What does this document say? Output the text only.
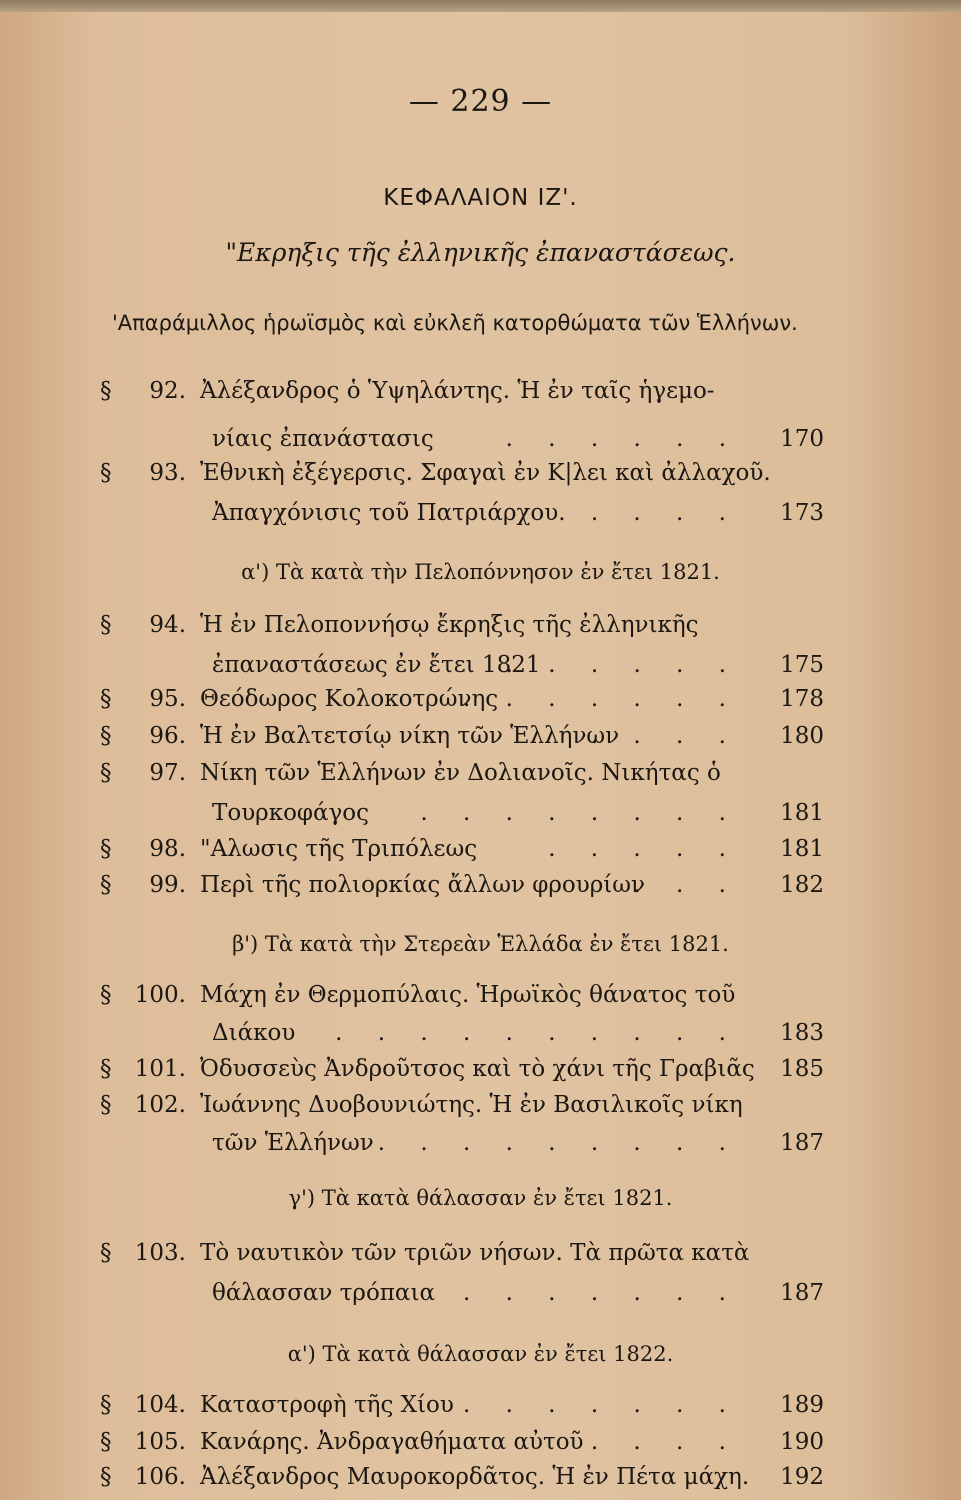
— 229 —
ΚΕΦΑΛΑΙΟΝ ΙΖ'.
"Εκρηξις τῆς ἐλληνικῆς ἐπαναστάσεως.
'Απαράμιλλος ἡρωϊσμὸς καὶ εὐκλεῆ κατορθώματα τῶν Ἑλλήνων.
§ 92. Ἀλέξανδρος ὁ Ὑψηλάντης. Ἡ ἐν ταῖς ἡγεμο-
νίαις ἐπανάστασις	. . . . . . 170
§ 93. Ἐθνικὴ ἐξέγερσις. Σφαγαὶ ἐν Κ|λει καὶ ἀλλαχοῦ.
Ἀπαγχόνισις τοῦ Πατριάρχου. . . . . 173
α') Τὰ κατὰ τὴν Πελοπόννησον ἐν ἔτει 1821.
§ 94. Ἡ ἐν Πελοποννήσῳ ἔκρηξις τῆς ἐλληνικῆς
ἐπαναστάσεως ἐν ἔτει 1821
. . . . . . 175
§ 95. Θεόδωρος Κολοκοτρώνης
. . . . . . . 178
§ 96. Ἡ ἐν Βαλτετσίῳ νίκη τῶν Ἑλλήνων
. . . . 180
§ 97. Νίκη τῶν Ἑλλήνων ἐν Δολιανοῖς. Νικήτας ὁ
Τουρκοφάγος . . . . . . . . 181
§ 98. "Αλωσις τῆς Τριπόλεως	. . . . . 181
§ 99. Περὶ τῆς πολιορκίας ἄλλων φρουρίων
. . . 182
β') Τὰ κατὰ τὴν Στερεὰν Ἑλλάδα ἐν ἔτει 1821.
§ 100. Μάχη ἐν Θερμοπύλαις. Ἡρωϊκὸς θάνατος τοῦ
Διάκου . . . . . . . . . . 183
§ 101. Ὀδυσσεὺς Ἀνδροῦτσος καὶ τὸ χάνι τῆς Γραβιᾶς 185
§ 102. Ἰωάννης Δυοβουνιώτης. Ἡ ἐν Βασιλικοῖς νίκη
τῶν Ἑλλήνων . . . . . . . . . 187
γ') Τὰ κατὰ θάλασσαν ἐν ἔτει 1821.
§ 103. Τὸ ναυτικὸν τῶν τριῶν νήσων. Τὰ πρῶτα κατὰ
θάλασσαν τρόπαια . . . . . . . 187
α') Τὰ κατὰ θάλασσαν ἐν ἔτει 1822.
§ 104. Καταστροφὴ τῆς Χίου . . . . . . . 189
§ 105. Κανάρης. Ἀνδραγαθήματα αὐτοῦ . . . . 190
§ 106. Ἀλέξανδρος Μαυροκορδᾶτος. Ἡ ἐν Πέτα μάχη. 192
